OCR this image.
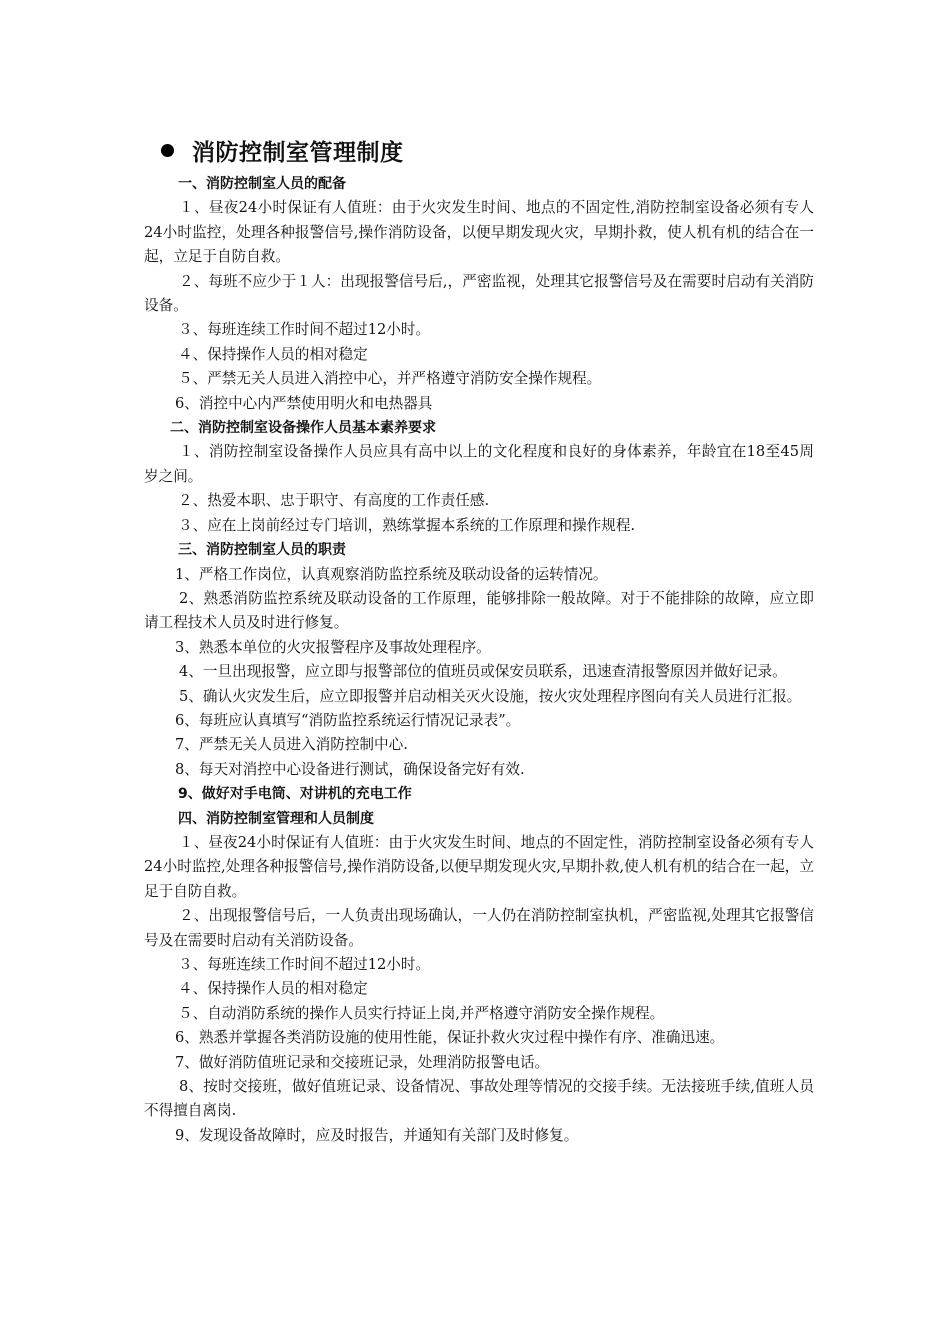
消防控制室管理制度
一、消防控制室人员的配备
１、昼夜24小时保证有人值班：由于火灾发生时间、地点的不固定性,消防控制室设备必须有专人24小时监控，处理各种报警信号,操作消防设备，以便早期发现火灾，早期扑救，使人机有机的结合在一起，立足于自防自救。
２、每班不应少于１人：出现报警信号后,，严密监视，处理其它报警信号及在需要时启动有关消防设备。
３、每班连续工作时间不超过12小时。
４、保持操作人员的相对稳定
５、严禁无关人员进入消控中心，并严格遵守消防安全操作规程。
6、消控中心内严禁使用明火和电热器具
二、消防控制室设备操作人员基本素养要求
１、消防控制室设备操作人员应具有高中以上的文化程度和良好的身体素养，年龄宜在18至45周岁之间。
２、热爱本职、忠于职守、有高度的工作责任感.
３、应在上岗前经过专门培训，熟练掌握本系统的工作原理和操作规程.
三、消防控制室人员的职责
1、严格工作岗位，认真观察消防监控系统及联动设备的运转情况。
2、熟悉消防监控系统及联动设备的工作原理，能够排除一般故障。对于不能排除的故障，应立即请工程技术人员及时进行修复。
3、熟悉本单位的火灾报警程序及事故处理程序。
4、一旦出现报警，应立即与报警部位的值班员或保安员联系，迅速查清报警原因并做好记录。
5、确认火灾发生后，应立即报警并启动相关灭火设施，按火灾处理程序图向有关人员进行汇报。
6、每班应认真填写“消防监控系统运行情况记录表”。
7、严禁无关人员进入消防控制中心.
8、每天对消控中心设备进行测试，确保设备完好有效.
9、做好对手电筒、对讲机的充电工作
四、消防控制室管理和人员制度
１、昼夜24小时保证有人值班：由于火灾发生时间、地点的不固定性，消防控制室设备必须有专人24小时监控,处理各种报警信号,操作消防设备,以便早期发现火灾,早期扑救,使人机有机的结合在一起，立足于自防自救。
２、出现报警信号后，一人负责出现场确认，一人仍在消防控制室执机，严密监视,处理其它报警信号及在需要时启动有关消防设备。
３、每班连续工作时间不超过12小时。
４、保持操作人员的相对稳定
５、自动消防系统的操作人员实行持证上岗,并严格遵守消防安全操作规程。
6、熟悉并掌握各类消防设施的使用性能，保证扑救火灾过程中操作有序、准确迅速。
7、做好消防值班记录和交接班记录，处理消防报警电话。
8、按时交接班，做好值班记录、设备情况、事故处理等情况的交接手续。无法接班手续,值班人员不得擅自离岗.
9、发现设备故障时，应及时报告，并通知有关部门及时修复。
